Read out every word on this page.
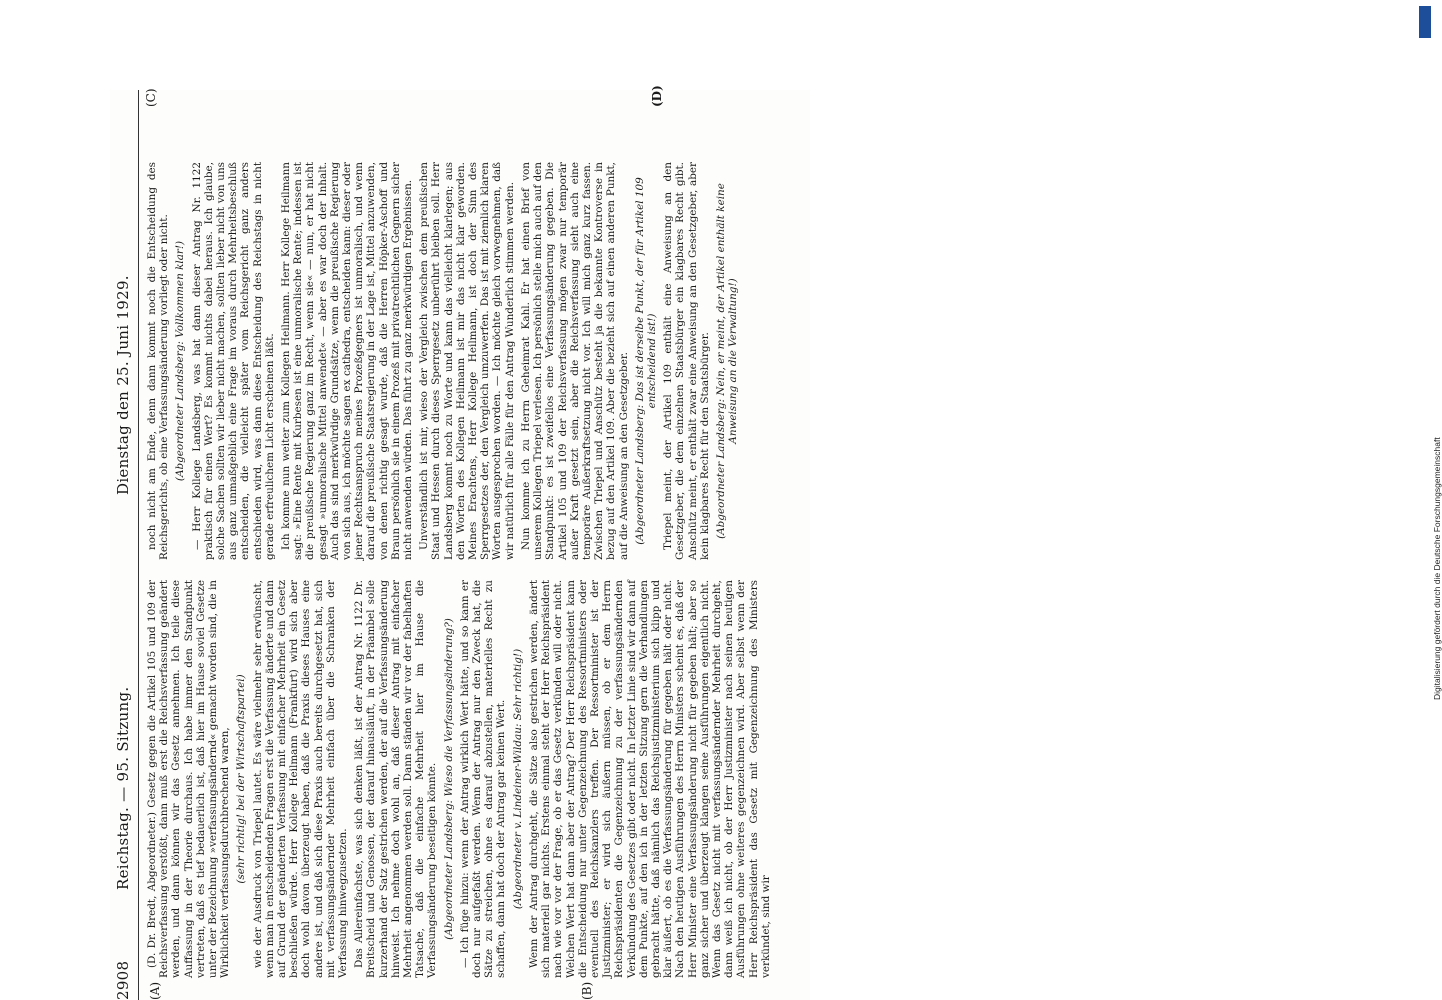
2908
Reichstag. — 95. Sitzung.
Dienstag den 25. Juni 1929.
(A)	(B)
(C)	(D)

(D. Dr. Bredt, Abgeordneter.) Gesetz gegen die Artikel 105 und 109 der Reichsverfassung verstößt, dann muß erst die Reichsverfassung geändert werden, und dann können wir das Gesetz annehmen. Ich teile diese Auffassung in der Theorie durchaus. Ich habe immer den Standpunkt vertreten, daß es tief bedauerlich ist, daß hier im Hause soviel Gesetze unter der Bezeichnung »verfassungsändernd« gemacht worden sind, die in Wirklichkeit verfassungsdurchbrechend waren, (sehr richtig! bei der Wirtschaftspartei) wie der Ausdruck von Triepel lautet. Es wäre vielmehr sehr erwünscht, wenn man in entscheidenden Fragen erst die Verfassung änderte und dann auf Grund der geänderten Verfassung mit einfacher Mehrheit ein Gesetz beschließen würde. Herr Kollege Heilmann (Frankfurt) wird sich aber doch wohl davon überzeugt haben, daß die Praxis dieses Hauses eine andere ist, und daß sich diese Praxis auch bereits durchgesetzt hat, sich mit verfassungsändernder Mehrheit einfach über die Schranken der Verfassung hinwegzusetzen. Das Allereinfachste, was sich denken läßt, ist der Antrag Nr. 1122 Dr. Breitscheid und Genossen, der darauf hinausläuft, in der Präambel solle kurzerhand der Satz gestrichen werden, der auf die Verfassungsänderung hinweist. Ich nehme doch wohl an, daß dieser Antrag mit einfacher Mehrheit angenommen werden soll. Dann ständen wir vor der fabelhaften Tatsache, daß die einfache Mehrheit hier im Hause die Verfassungsänderung beseitigen könnte. (Abgeordneter Landsberg: Wieso die Verfassungsänderung?) — Ich füge hinzu: wenn der Antrag wirklich Wert hätte, und so kann er doch nur aufgefaßt werden. Wenn der Antrag nur den Zweck hat, die Sätze zu streichen, ohne es darauf abzustellen, materielles Recht zu schaffen, dann hat doch der Antrag gar keinen Wert. (Abgeordneter v. Lindeiner-Wildau: Sehr richtig!) Wenn der Antrag durchgeht, die Sätze also gestrichen werden, ändert sich materiell gar nichts. Erstens einmal steht der Herr Reichspräsident nach wie vor vor der Frage, ob er das Gesetz verkünden will oder nicht. Welchen Wert hat dann aber der Antrag? Der Herr Reichspräsident kann die Entscheidung nur unter Gegenzeichnung des Ressortministers oder eventuell des Reichskanzlers treffen. Der Ressortminister ist der Justizminister; er wird sich äußern müssen, ob er dem Herrn Reichspräsidenten die Gegenzeichnung zu der verfassungsändernden Verkündung des Gesetzes gibt oder nicht. In letzter Linie sind wir dann auf dem Punkte, auf den ich in der letzten Sitzung gern die Verhandlungen gebracht hätte, daß nämlich das Reichsjustizministerium sich klipp und klar äußert, ob es die Verfassungsänderung für gegeben hält oder nicht. Nach den heutigen Ausführungen des Herrn Ministers scheint es, daß der Herr Minister eine Verfassungsänderung nicht für gegeben hält; aber so ganz sicher und überzeugt klangen seine Ausführungen eigentlich nicht. Wenn das Gesetz nicht mit verfassungsändernder Mehrheit durchgeht, dann weiß ich nicht, ob der Herr Justizminister nach seinen heutigen Ausführungen ohne weiteres gegenzeichnen wird. Aber selbst wenn der Herr Reichspräsident das Gesetz mit Gegenzeichnung des Ministers verkündet, sind wir

noch nicht am Ende, denn dann kommt noch die Entscheidung des Reichsgerichts, ob eine Verfassungsänderung vorliegt oder nicht. (Abgeordneter Landsberg: Vollkommen klar!) — Herr Kollege Landsberg, was hat dann dieser Antrag Nr. 1122 praktisch für einen Wert? Es kommt nichts dabei heraus. Ich glaube, solche Sachen sollten wir lieber nicht machen, sollten lieber nicht von uns aus ganz unmaßgeblich eine Frage im voraus durch Mehrheitsbeschluß entscheiden, die vielleicht später vom Reichsgericht ganz anders entschieden wird, was dann diese Entscheidung des Reichstags in nicht gerade erfreulichem Licht erscheinen läßt. Ich komme nun weiter zum Kollegen Heilmann. Herr Kollege Heilmann sagt: »Eine Rente mit Kurbesen ist eine unmoralische Rente; indessen ist die preußische Regierung ganz im Recht, wenn sie« — nun, er hat nicht gesagt »unmoralische Mittel anwendet« — aber es war doch der Inhalt. Auch das sind merkwürdige Grundsätze, wenn die preußische Regierung von sich aus, ich möchte sagen ex cathedra, entscheiden kann: dieser oder jener Rechtsanspruch meines Prozeßgegners ist unmoralisch, und wenn darauf die preußische Staatsregierung in der Lage ist, Mittel anzuwenden, von denen richtig gesagt wurde, daß die Herren Höpker-Aschoff und Braun persönlich sie in einem Prozeß mit privatrechtlichen Gegnern sicher nicht anwenden würden. Das führt zu ganz merkwürdigen Ergebnissen. Unverständlich ist mir, wieso der Vergleich zwischen dem preußischen Staat und Hessen durch dieses Sperrgesetz unberührt bleiben soll. Herr Landsberg kommt noch zu Worte und kann das vielleicht klarlegen; aus den Worten des Kollegen Heilmann ist mir das nicht klar geworden. Meines Erachtens, Herr Kollege Heilmann, ist doch der Sinn des Sperrgesetzes der, den Vergleich umzuwerfen. Das ist mit ziemlich klaren Worten ausgesprochen worden. — Ich möchte gleich vorwegnehmen, daß wir natürlich für alle Fälle für den Antrag Wunderlich stimmen werden. Nun komme ich zu Herrn Geheimrat Kahl. Er hat einen Brief von unserem Kollegen Triepel verlesen. Ich persönlich stelle mich auch auf den Standpunkt: es ist zweifellos eine Verfassungsänderung gegeben. Die Artikel 105 und 109 der Reichsverfassung mögen zwar nur temporär außer Kraft gesetzt sein, aber die Reichsverfassung sieht auch eine temporäre Außerkraftsetzung nicht vor. Ich will mich ganz kurz fassen. Zwischen Triepel und Anschütz besteht ja die bekannte Kontroverse in bezug auf den Artikel 109. Aber die bezieht sich auf einen anderen Punkt, auf die Anweisung an den Gesetzgeber. (Abgeordneter Landsberg: Das ist derselbe Punkt, der für Artikel 109 entscheidend ist!) Triepel meint, der Artikel 109 enthält eine Anweisung an den Gesetzgeber, die dem einzelnen Staatsbürger ein klagbares Recht gibt. Anschütz meint, er enthält zwar eine Anweisung an den Gesetzgeber, aber kein klagbares Recht für den Staatsbürger. (Abgeordneter Landsberg: Nein, er meint, der Artikel enthält keine Anweisung an die Verwaltung!)

DFG
Digitalisierung gefördert durch die Deutsche Forschungsgemeinschaft
